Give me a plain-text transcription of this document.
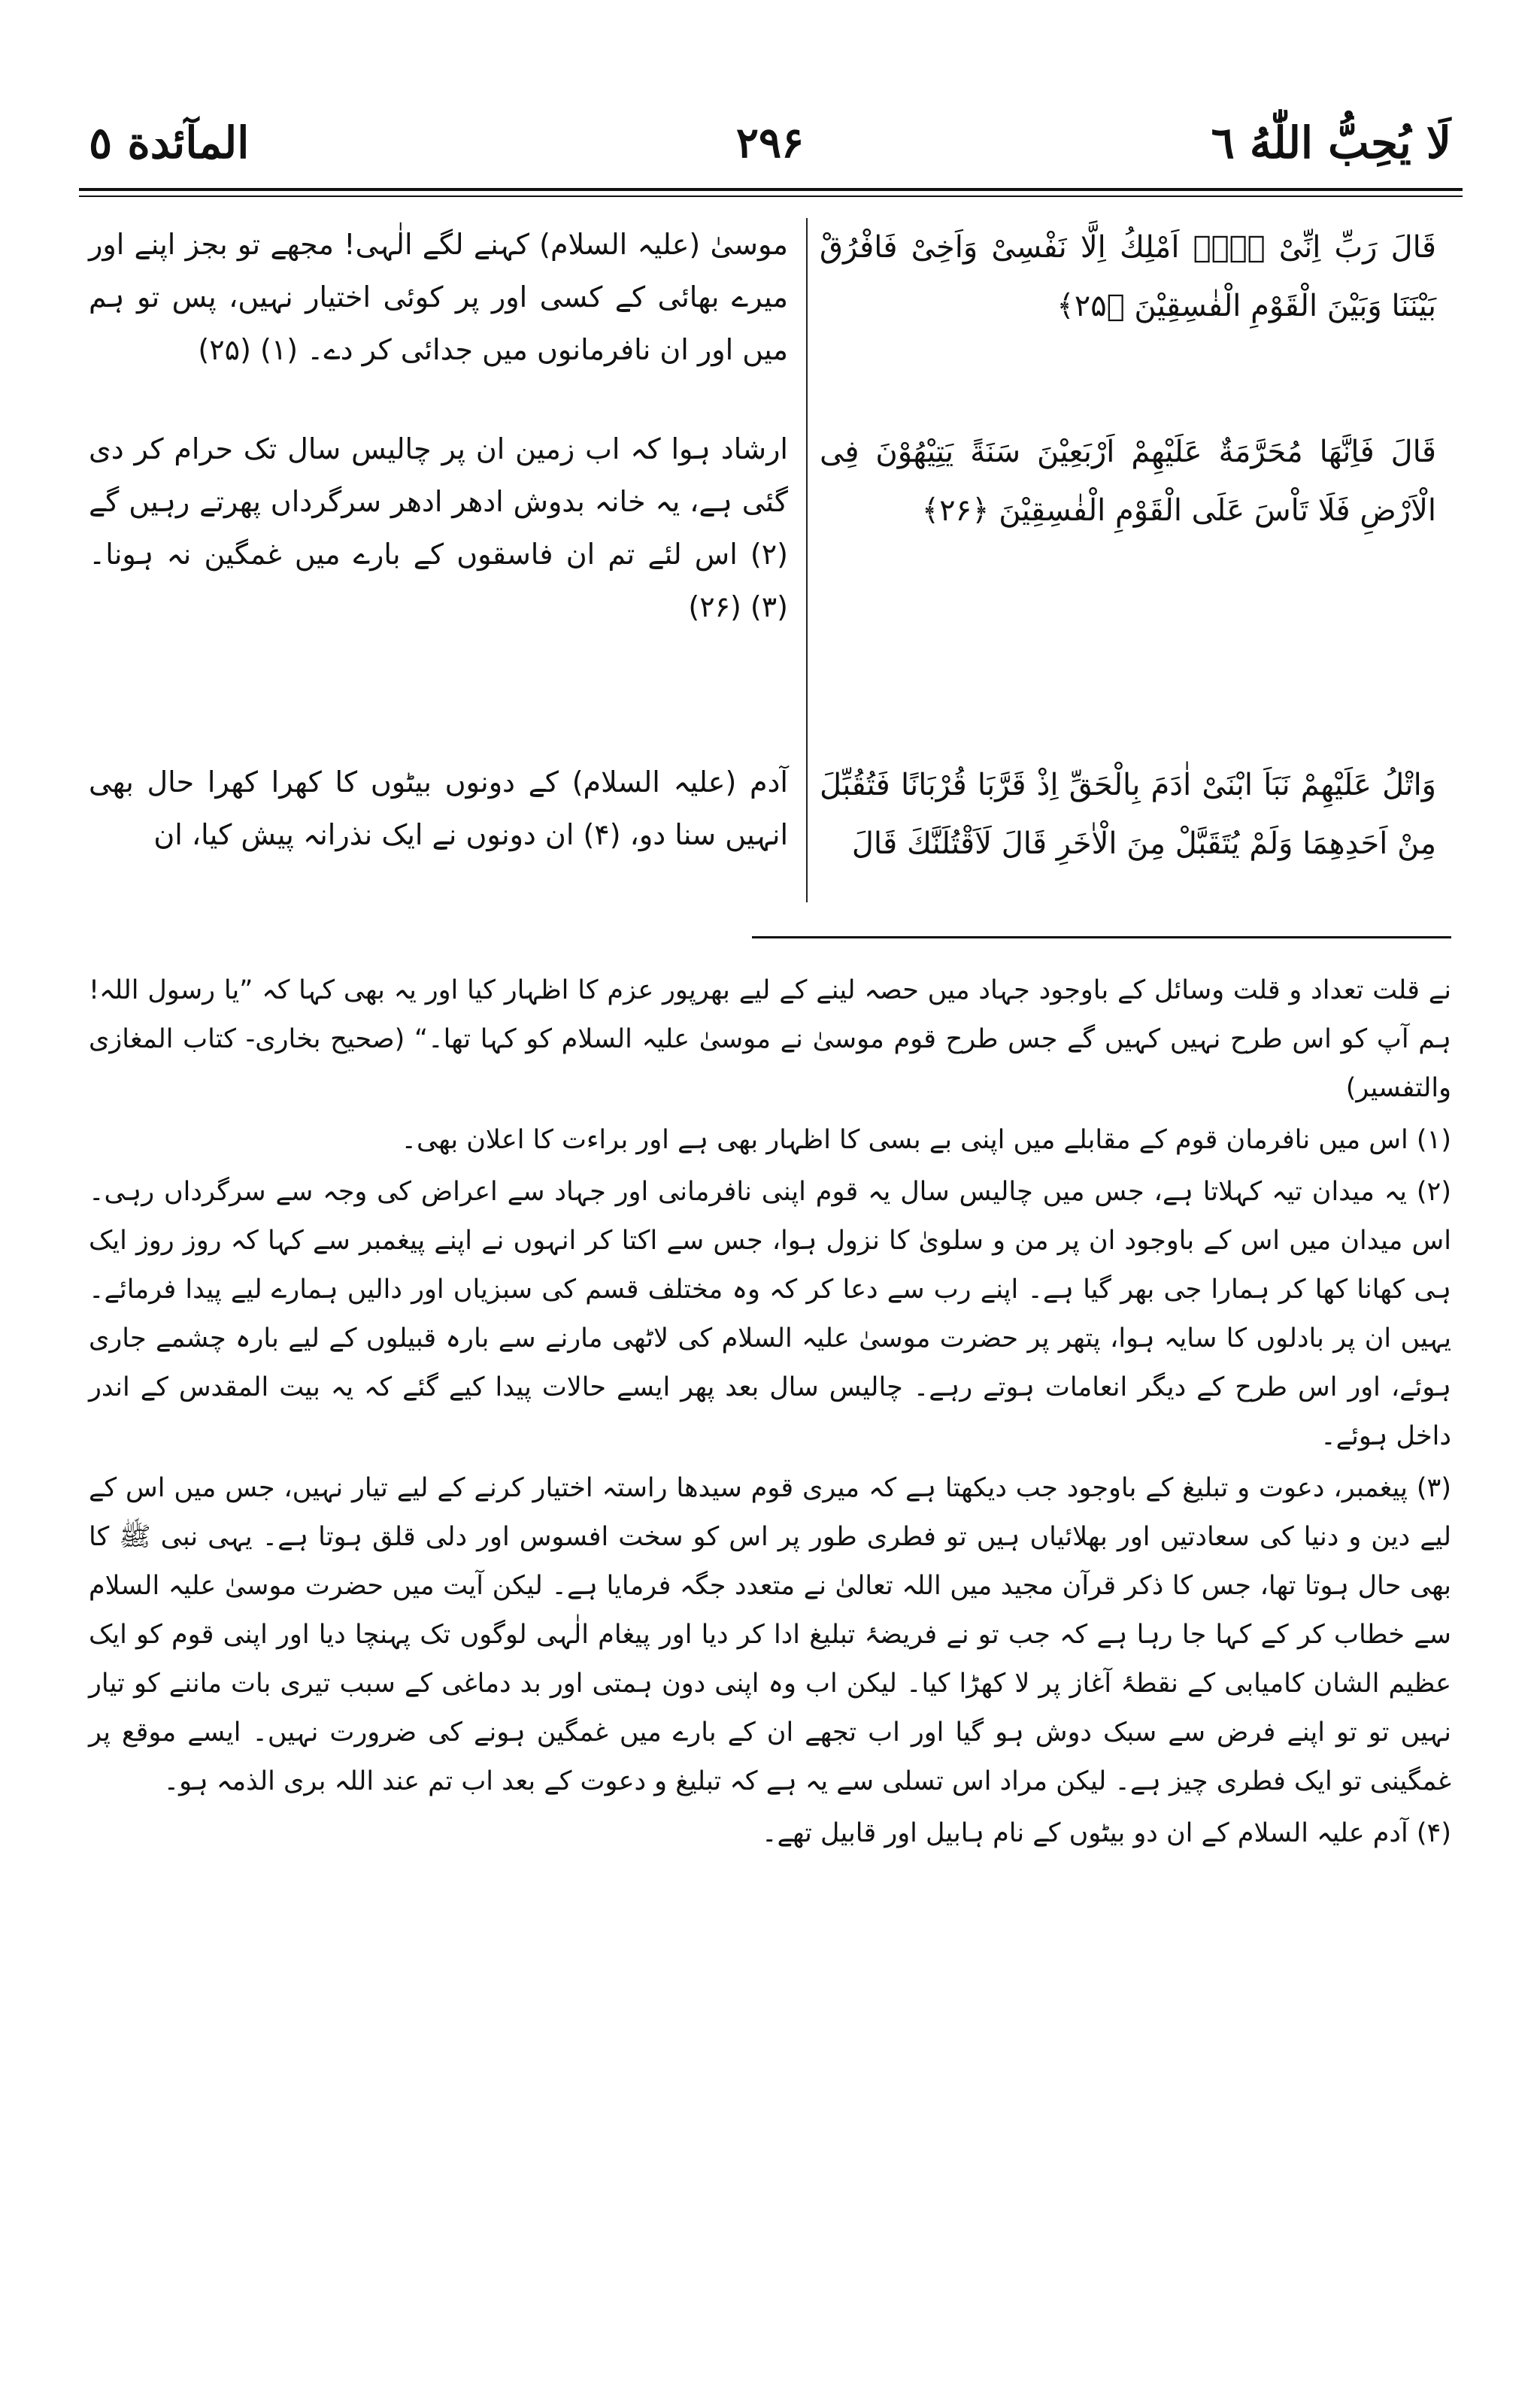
المآئدة ٥	۲۹۶	لَا يُحِبُّ اللّٰهُ ٦

قَالَ رَبِّ اِنِّیْ لَاۤ اَمْلِكُ اِلَّا نَفْسِیْ وَاَخِیْ فَافْرُقْ بَیْنَنَا وَبَیْنَ الْقَوْمِ الْفٰسِقِیْنَ ﴿۲۵﴾

قَالَ فَاِنَّهَا مُحَرَّمَةٌ عَلَیْهِمْ اَرْبَعِیْنَ سَنَةً یَتِیْهُوْنَ فِی الْاَرْضِ فَلَا تَاْسَ عَلَی الْقَوْمِ الْفٰسِقِیْنَ ﴿۲۶﴾

وَاتْلُ عَلَیْهِمْ نَبَاَ ابْنَیْ اٰدَمَ بِالْحَقِّ اِذْ قَرَّبَا قُرْبَانًا فَتُقُبِّلَ مِنْ اَحَدِهِمَا وَلَمْ یُتَقَبَّلْ مِنَ الْاٰخَرِ قَالَ لَاَقْتُلَنَّكَ قَالَ

موسیٰ (علیہ السلام) کہنے لگے الٰہی! مجھے تو بجز اپنے اور میرے بھائی کے کسی اور پر کوئی اختیار نہیں، پس تو ہم میں اور ان نافرمانوں میں جدائی کر دے۔ (۱) (۲۵)

ارشاد ہوا کہ اب زمین ان پر چالیس سال تک حرام کر دی گئی ہے، یہ خانہ بدوش ادھر ادھر سرگرداں پھرتے رہیں گے (۲) اس لئے تم ان فاسقوں کے بارے میں غمگین نہ ہونا۔ (۳) (۲۶)

آدم (علیہ السلام) کے دونوں بیٹوں کا کھرا کھرا حال بھی انہیں سنا دو، (۴) ان دونوں نے ایک نذرانہ پیش کیا، ان

نے قلت تعداد و قلت وسائل کے باوجود جہاد میں حصہ لینے کے لیے بھرپور عزم کا اظہار کیا اور یہ بھی کہا کہ ”یا رسول اللہ! ہم آپ کو اس طرح نہیں کہیں گے جس طرح قوم موسیٰ نے موسیٰ علیہ السلام کو کہا تھا۔“ (صحیح بخاری- کتاب المغازی والتفسیر)

(۱) اس میں نافرمان قوم کے مقابلے میں اپنی بے بسی کا اظہار بھی ہے اور براءت کا اعلان بھی۔

(۲) یہ میدان تیہ کہلاتا ہے، جس میں چالیس سال یہ قوم اپنی نافرمانی اور جہاد سے اعراض کی وجہ سے سرگرداں رہی۔ اس میدان میں اس کے باوجود ان پر من و سلویٰ کا نزول ہوا، جس سے اکتا کر انہوں نے اپنے پیغمبر سے کہا کہ روز روز ایک ہی کھانا کھا کر ہمارا جی بھر گیا ہے۔ اپنے رب سے دعا کر کہ وہ مختلف قسم کی سبزیاں اور دالیں ہمارے لیے پیدا فرمائے۔ یہیں ان پر بادلوں کا سایہ ہوا، پتھر پر حضرت موسیٰ علیہ السلام کی لاٹھی مارنے سے بارہ قبیلوں کے لیے بارہ چشمے جاری ہوئے، اور اس طرح کے دیگر انعامات ہوتے رہے۔ چالیس سال بعد پھر ایسے حالات پیدا کیے گئے کہ یہ بیت المقدس کے اندر داخل ہوئے۔

(۳) پیغمبر، دعوت و تبلیغ کے باوجود جب دیکھتا ہے کہ میری قوم سیدھا راستہ اختیار کرنے کے لیے تیار نہیں، جس میں اس کے لیے دین و دنیا کی سعادتیں اور بھلائیاں ہیں تو فطری طور پر اس کو سخت افسوس اور دلی قلق ہوتا ہے۔ یہی نبی ﷺ کا بھی حال ہوتا تھا، جس کا ذکر قرآن مجید میں اللہ تعالیٰ نے متعدد جگہ فرمایا ہے۔ لیکن آیت میں حضرت موسیٰ علیہ السلام سے خطاب کر کے کہا جا رہا ہے کہ جب تو نے فریضۂ تبلیغ ادا کر دیا اور پیغام الٰہی لوگوں تک پہنچا دیا اور اپنی قوم کو ایک عظیم الشان کامیابی کے نقطۂ آغاز پر لا کھڑا کیا۔ لیکن اب وہ اپنی دون ہمتی اور بد دماغی کے سبب تیری بات ماننے کو تیار نہیں تو تو اپنے فرض سے سبک دوش ہو گیا اور اب تجھے ان کے بارے میں غمگین ہونے کی ضرورت نہیں۔ ایسے موقع پر غمگینی تو ایک فطری چیز ہے۔ لیکن مراد اس تسلی سے یہ ہے کہ تبلیغ و دعوت کے بعد اب تم عند اللہ بری الذمہ ہو۔

(۴) آدم علیہ السلام کے ان دو بیٹوں کے نام ہابیل اور قابیل تھے۔
